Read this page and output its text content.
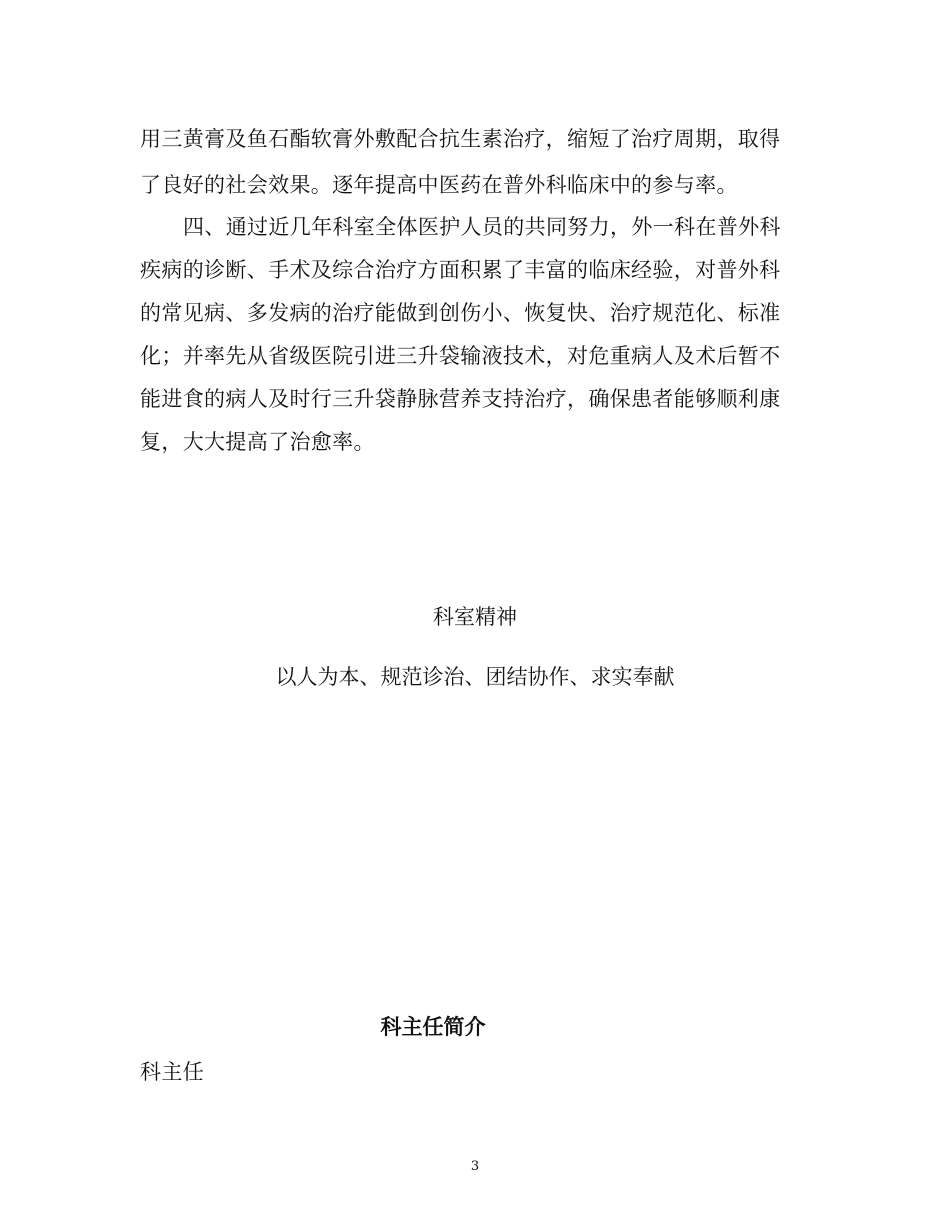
用三黄膏及鱼石酯软膏外敷配合抗生素治疗，缩短了治疗周期，取得
了良好的社会效果。逐年提高中医药在普外科临床中的参与率。
四、通过近几年科室全体医护人员的共同努力，外一科在普外科
疾病的诊断、手术及综合治疗方面积累了丰富的临床经验，对普外科
的常见病、多发病的治疗能做到创伤小、恢复快、治疗规范化、标准
化；并率先从省级医院引进三升袋输液技术，对危重病人及术后暂不
能进食的病人及时行三升袋静脉营养支持治疗，确保患者能够顺利康
复，大大提高了治愈率。
科室精神
以人为本、规范诊治、团结协作、求实奉献
科主任简介
科主任
3
